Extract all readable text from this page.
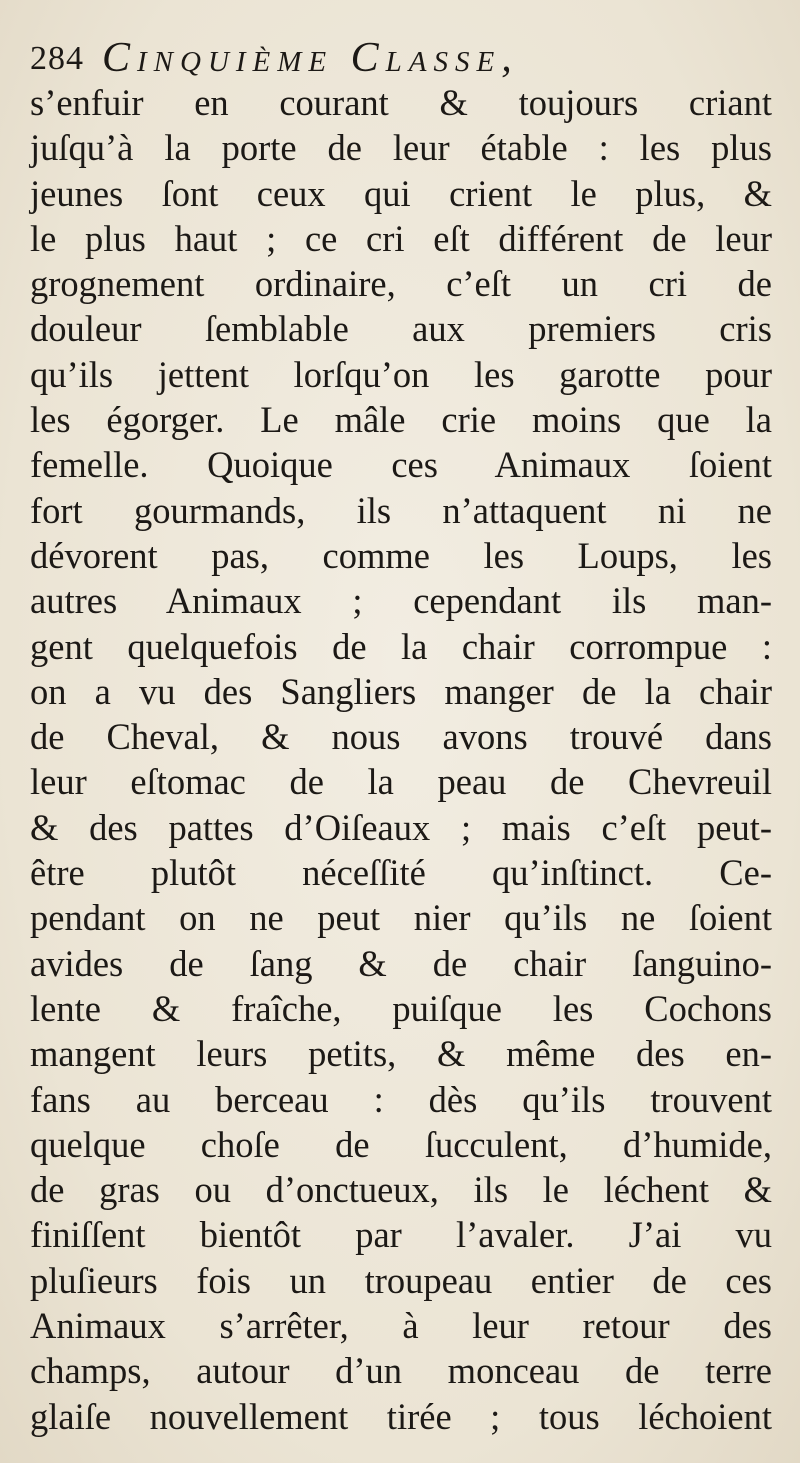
284 Cinquième Classe,
s’enfuir en courant & toujours criant
juſqu’à la porte de leur étable : les plus
jeunes ſont ceux qui crient le plus, &
le plus haut ; ce cri eſt différent de leur
grognement ordinaire, c’eſt un cri de
douleur ſemblable aux premiers cris
qu’ils jettent lorſqu’on les garotte pour
les égorger. Le mâle crie moins que la
femelle. Quoique ces Animaux ſoient
fort gourmands, ils n’attaquent ni ne
dévorent pas, comme les Loups, les
autres Animaux ; cependant ils man-
gent quelquefois de la chair corrompue :
on a vu des Sangliers manger de la chair
de Cheval, & nous avons trouvé dans
leur eſtomac de la peau de Chevreuil
& des pattes d’Oiſeaux ; mais c’eſt peut-
être plutôt néceſſité qu’inſtinct. Ce-
pendant on ne peut nier qu’ils ne ſoient
avides de ſang & de chair ſanguino-
lente & fraîche, puiſque les Cochons
mangent leurs petits, & même des en-
fans au berceau : dès qu’ils trouvent
quelque choſe de ſucculent, d’humide,
de gras ou d’onctueux, ils le léchent &
finiſſent bientôt par l’avaler. J’ai vu
pluſieurs fois un troupeau entier de ces
Animaux s’arrêter, à leur retour des
champs, autour d’un monceau de terre
glaiſe nouvellement tirée ; tous léchoient
